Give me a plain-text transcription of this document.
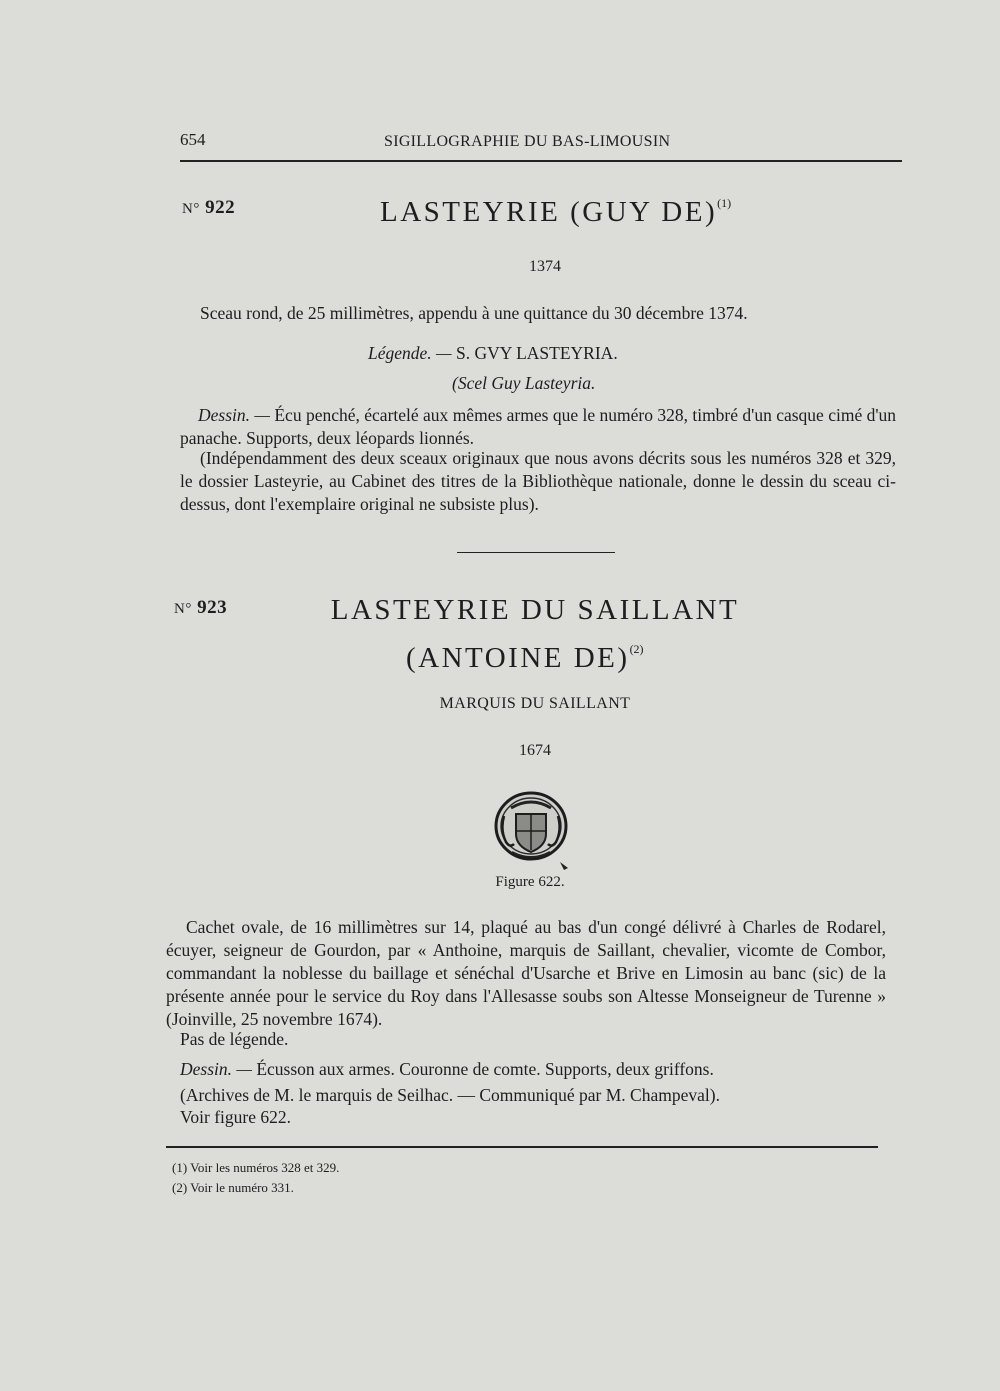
654	SIGILLOGRAPHIE DU BAS-LIMOUSIN
N° 922	LASTEYRIE (GUY DE)$^{(1)}$
1374
Sceau rond, de 25 millimètres, appendu à une quittance du 30 décembre 1374.
Légende. — S. GVY LASTEYRIA.
(Scel Guy Lasteyria.

Dessin. — Écu penché, écartelé aux mêmes armes que le numéro 328, timbré d'un casque cimé d'un panache. Supports, deux léopards lionnés.

(Indépendamment des deux sceaux originaux que nous avons décrits sous les numéros 328 et 329, le dossier Lasteyrie, au Cabinet des titres de la Bibliothèque nationale, donne le dessin du sceau ci-dessus, dont l'exemplaire original ne subsiste plus).
N° 923	LASTEYRIE DU SAILLANT
(ANTOINE DE)$^{(2)}$
MARQUIS DU SAILLANT
1674
Figure 622.
Cachet ovale, de 16 millimètres sur 14, plaqué au bas d'un congé délivré à Charles de Rodarel, écuyer, seigneur de Gourdon, par « Anthoine, marquis de Saillant, chevalier, vicomte de Combor, commandant la noblesse du baillage et sénéchal d'Usarche et Brive en Limosin au banc (sic) de la présente année pour le service du Roy dans l'Allesasse soubs son Altesse Monseigneur de Turenne » (Joinville, 25 novembre 1674).
Pas de légende.
Dessin. — Écusson aux armes. Couronne de comte. Supports, deux griffons.
(Archives de M. le marquis de Seilhac. — Communiqué par M. Champeval).
Voir figure 622.
(1) Voir les numéros 328 et 329.
(2) Voir le numéro 331.
